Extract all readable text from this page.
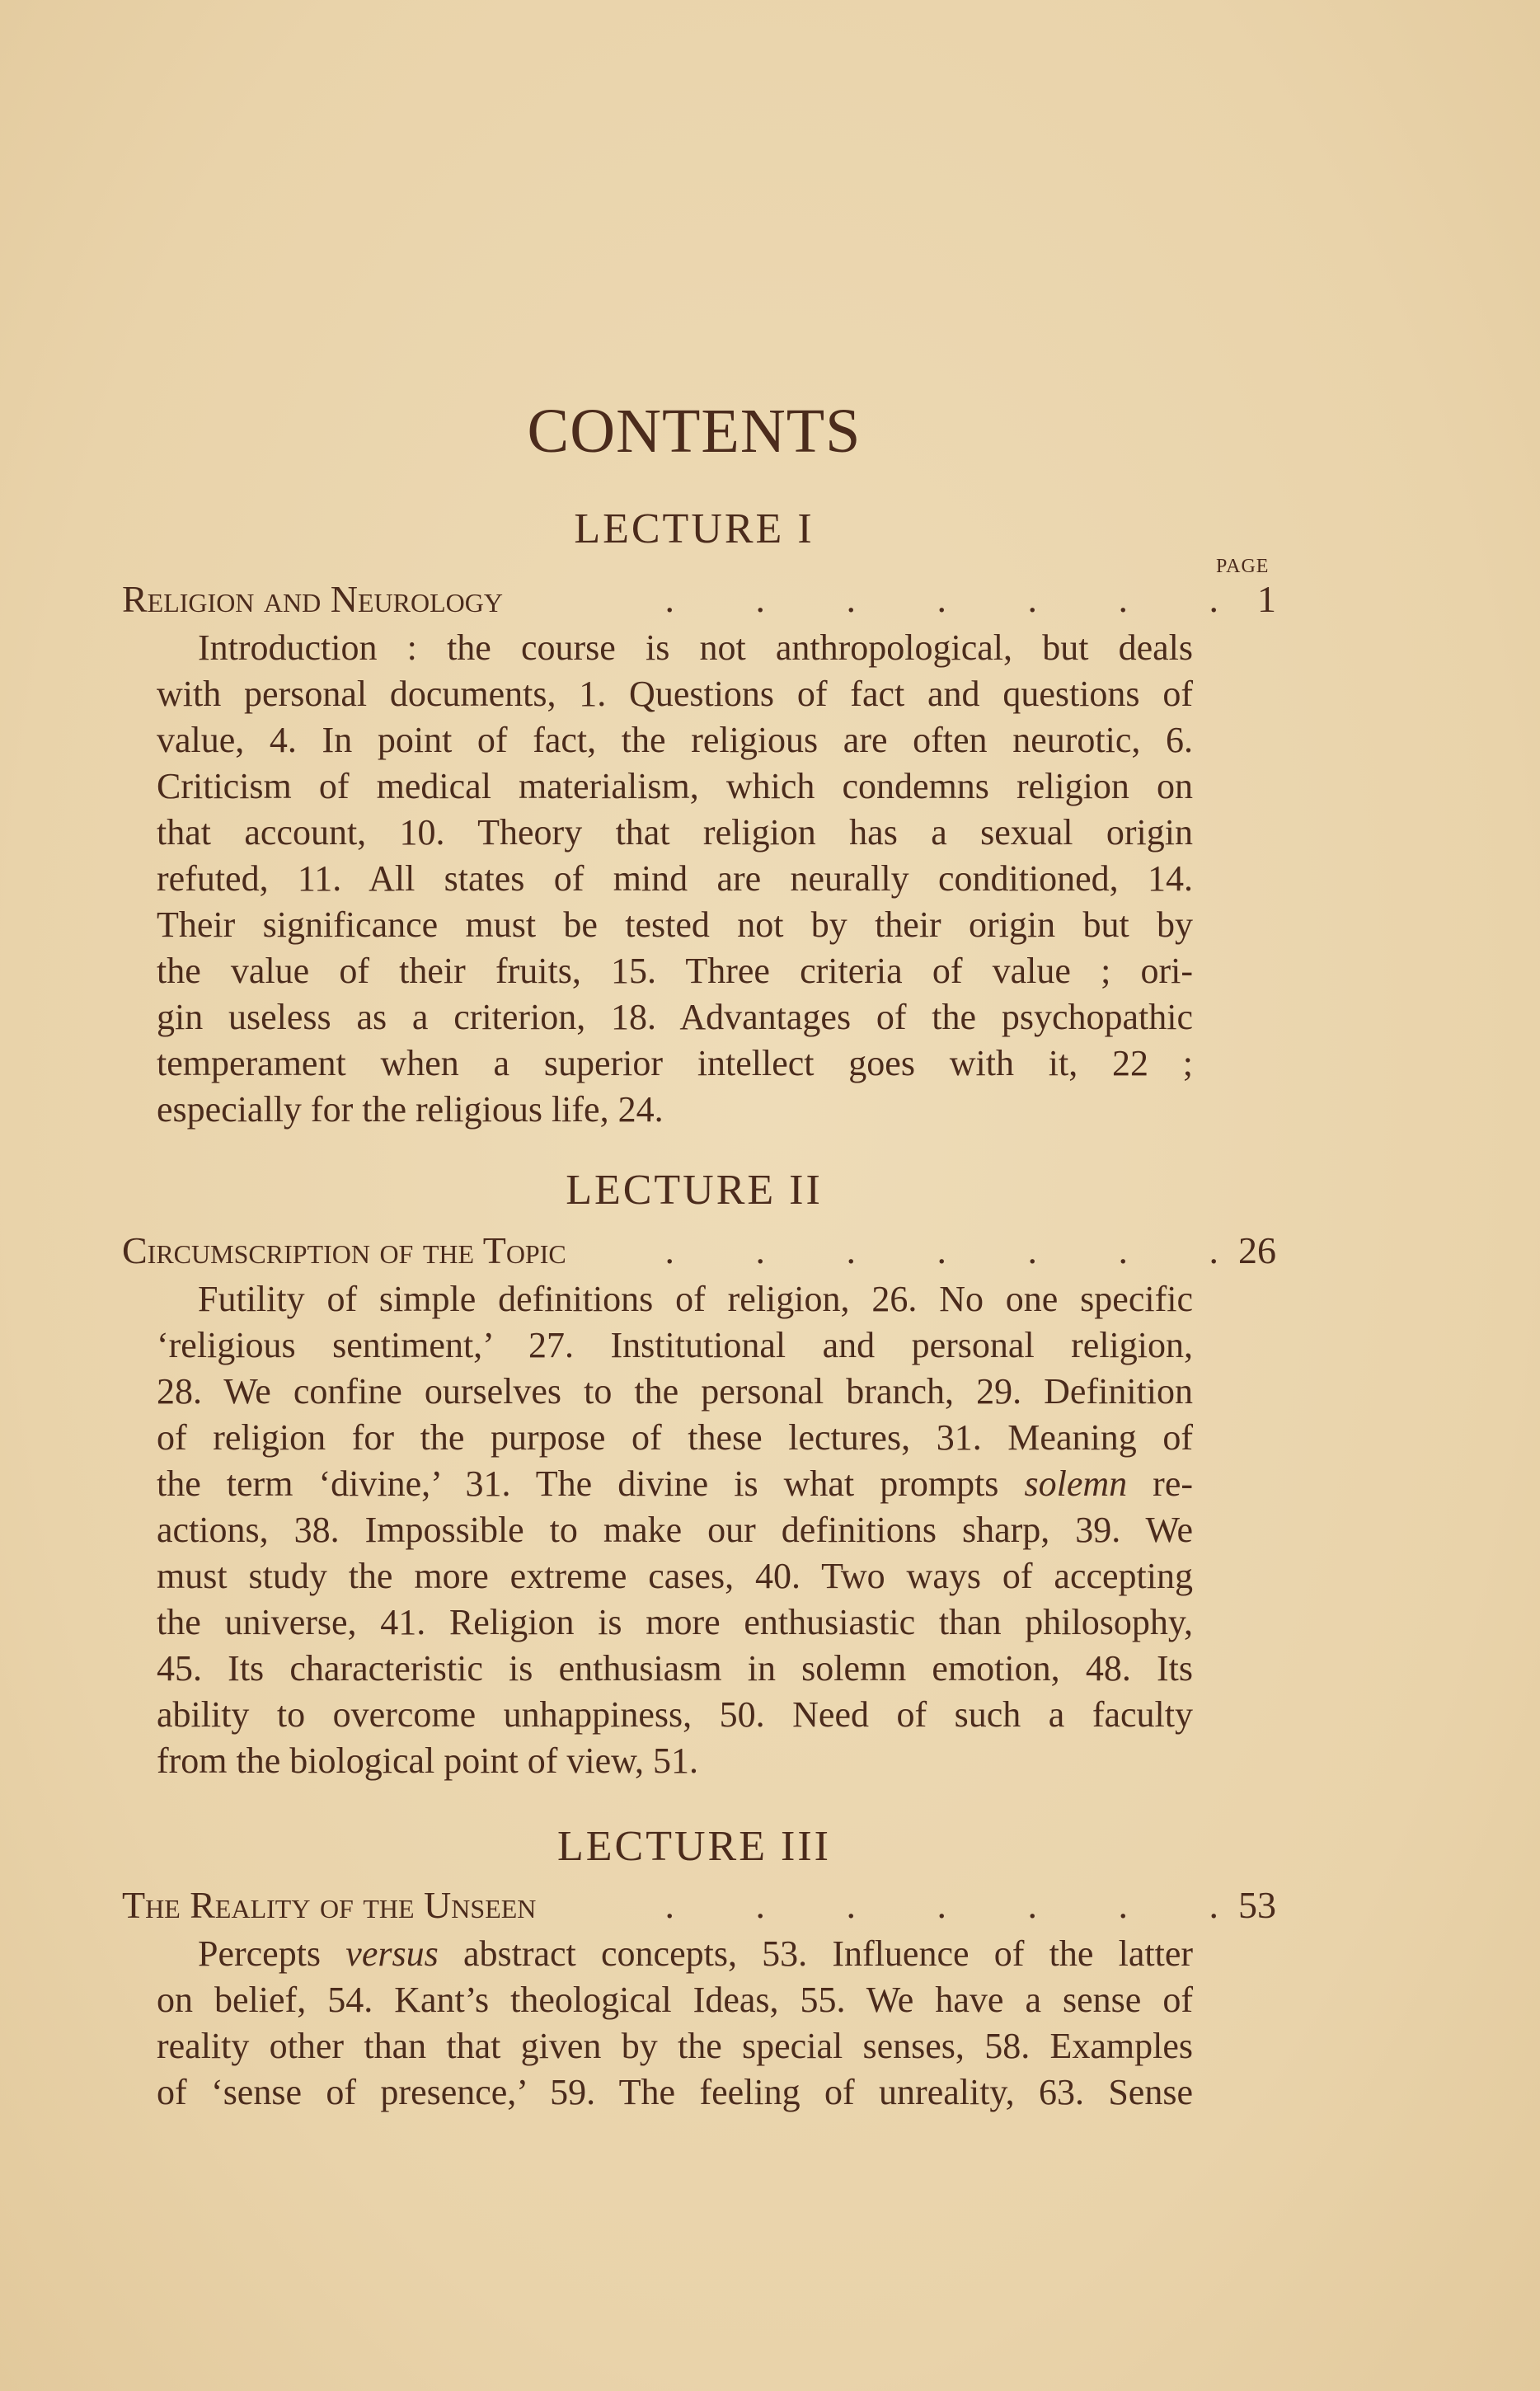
CONTENTS
PAGE
LECTURE I
Religion and Neurology	.	.	.	.	.	.	.	1
Introduction : the course is not anthropological, but deals
with personal documents, 1. Questions of fact and questions of
value, 4. In point of fact, the religious are often neurotic, 6.
Criticism of medical materialism, which condemns religion on
that account, 10. Theory that religion has a sexual origin
refuted, 11. All states of mind are neurally conditioned, 14.
Their significance must be tested not by their origin but by
the value of their fruits, 15. Three criteria of value ; ori-
gin useless as a criterion, 18. Advantages of the psychopathic
temperament when a superior intellect goes with it, 22 ;
especially for the religious life, 24.
LECTURE II
Circumscription of the Topic	.	.	.	.	.	.	. 26
Futility of simple definitions of religion, 26. No one specific
‘religious sentiment,’ 27. Institutional and personal religion,
28. We confine ourselves to the personal branch, 29. Definition
of religion for the purpose of these lectures, 31. Meaning of
the term ‘divine,’ 31. The divine is what prompts solemn re-
actions, 38. Impossible to make our definitions sharp, 39. We
must study the more extreme cases, 40. Two ways of accepting
the universe, 41. Religion is more enthusiastic than philosophy,
45. Its characteristic is enthusiasm in solemn emotion, 48. Its
ability to overcome unhappiness, 50. Need of such a faculty
from the biological point of view, 51.
LECTURE III
The Reality of the Unseen	.	.	.	.	.	.	. 53
Percepts versus abstract concepts, 53. Influence of the latter
on belief, 54. Kant’s theological Ideas, 55. We have a sense of
reality other than that given by the special senses, 58. Examples
of ‘sense of presence,’ 59. The feeling of unreality, 63. Sense
